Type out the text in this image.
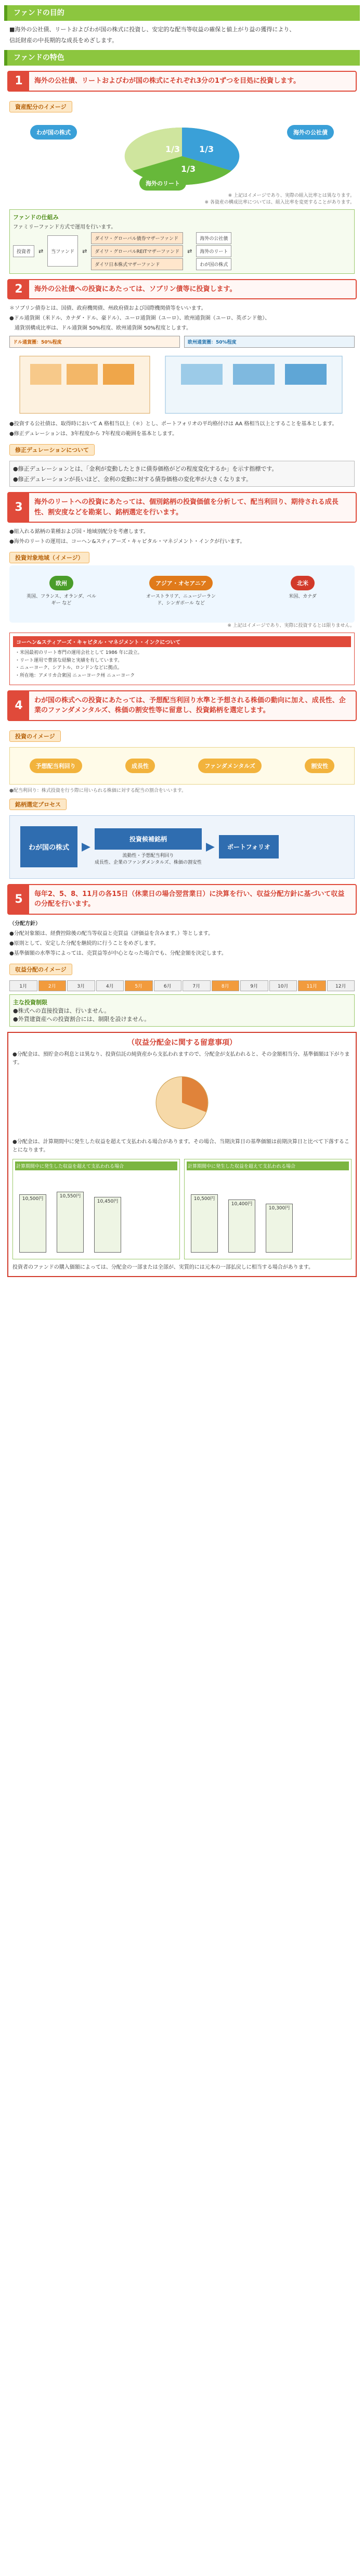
ファンドの目的

■海外の公社債、リートおよびわが国の株式に投資し、安定的な配当等収益の確保と値上がり益の獲得により、

信託財産の中長期的な成長をめざします。

ファンドの特色
1	海外の公社債、リートおよびわが国の株式にそれぞれ3分の1ずつを目処に投資します。
資産配分のイメージ
1/3 1/3
1/3
わが国の株式	海外の公社債
海外のリート
※ 上記はイメージであり、実際の組入比率とは異なります。
※ 各資産の構成比率については、組入比率を変更することがあります。
ファンドの仕組み
ファミリーファンド方式で運用を行います。
投資者	⇄	当ファンド	⇄
ダイワ・グローバル債券マザーファンド
ダイワ・グローバルREITマザーファンド
ダイワ日本株式マザーファンド
⇄
海外の公社債
海外のリート
わが国の株式
2	海外の公社債への投資にあたっては、ソブリン債等に投資します。

＊ソブリン債券とは、国債、政府機関債、州政府債および国際機関債等をいいます。

●ドル通貨圏（米ドル、カナダ・ドル、豪ドル）、ユーロ通貨圏（ユーロ）、欧州通貨圏（ユーロ、英ポンド他）、

　通貨別構成比率は、ドル通貨圏 50%程度、欧州通貨圏 50%程度とします。

ドル通貨圏：50%程度	欧州通貨圏：50%程度

●投資する公社債は、取得時において A 格相当以上（＊）とし、ポートフォリオの平均格付けは AA 格相当以上とすることを基本とします。

●修正デュレーションは、3年程度から 7年程度の範囲を基本とします。

修正デュレーションについて
●修正デュレーションとは、「金利が変動したときに債券価格がどの程度変化するか」を示す指標です。
●修正デュレーションが長いほど、金利の変動に対する債券価格の変化率が大きくなります。
3	海外のリートへの投資にあたっては、個別銘柄の投資価値を分析して、配当利回り、期待される成長性、割安度などを勘案し、銘柄選定を行います。

●組入れる銘柄の業種および国・地域別配分を考慮します。

●海外のリートの運用は、コーヘン&スティアーズ・キャピタル・マネジメント・インクが行います。

投資対象地域（イメージ）
欧州
英国、フランス、オランダ、ベルギー など
アジア・オセアニア
オーストラリア、ニュージーランド、シンガポール など
北米
米国、カナダ
※ 上記はイメージであり、実際に投資するとは限りません。
コーヘン&スティアーズ・キャピタル・マネジメント・インクについて
・米国最初のリート専門の運用会社として 1986 年に設立。
・リート運用で豊富な経験と実績を有しています。
・ニューヨーク、シアトル、ロンドンなどに拠点。
・所在地：アメリカ合衆国 ニューヨーク州 ニューヨーク
4	わが国の株式への投資にあたっては、予想配当利回り水準と予想される株価の動向に加え、成長性、企業のファンダメンタルズ、株価の割安性等に留意し、投資銘柄を選定します。
投資のイメージ
予想配当利回り	成長性	ファンダメンタルズ	割安性
●配当利回り：株式投資を行う際に用いられる株価に対する配当の割合をいいます。
銘柄選定プロセス
わが国の株式	▶
投資候補銘柄
流動性・予想配当利回り
成長性、企業のファンダメンタルズ、株価の割安性
▶	ポートフォリオ
5	毎年2、5、8、11月の各15日（休業日の場合翌営業日）に決算を行い、収益分配方針に基づいて収益の分配を行います。

（分配方針）

●分配対象額は、経費控除後の配当等収益と売買益（評価益を含みます。）等とします。

●原則として、安定した分配を継続的に行うことをめざします。

●基準価額の水準等によっては、売買益等が中心となった場合でも、分配金額を決定します。

収益分配のイメージ
1月	2月	3月	4月	5月	6月	7月	8月	9月	10月	11月	12月
主な投資制限
●株式への直接投資は、行いません。
●外貨建資産への投資割合には、制限を設けません。
（収益分配金に関する留意事項）
●分配金は、預貯金の利息とは異なり、投資信託の純資産から支払われますので、分配金が支払われると、その金額相当分、基準価額は下がります。
●分配金は、計算期間中に発生した収益を超えて支払われる場合があります。その場合、当期決算日の基準価額は前期決算日と比べて下落することになります。
計算期間中に発生した収益を超えて支払われる場合
10,500円	10,550円
10,450円
計算期間中に発生した収益を超えて支払われる場合
10,500円
10,400円
10,300円
投資者のファンドの購入価額によっては、分配金の一部または全部が、実質的には元本の一部払戻しに相当する場合があります。
